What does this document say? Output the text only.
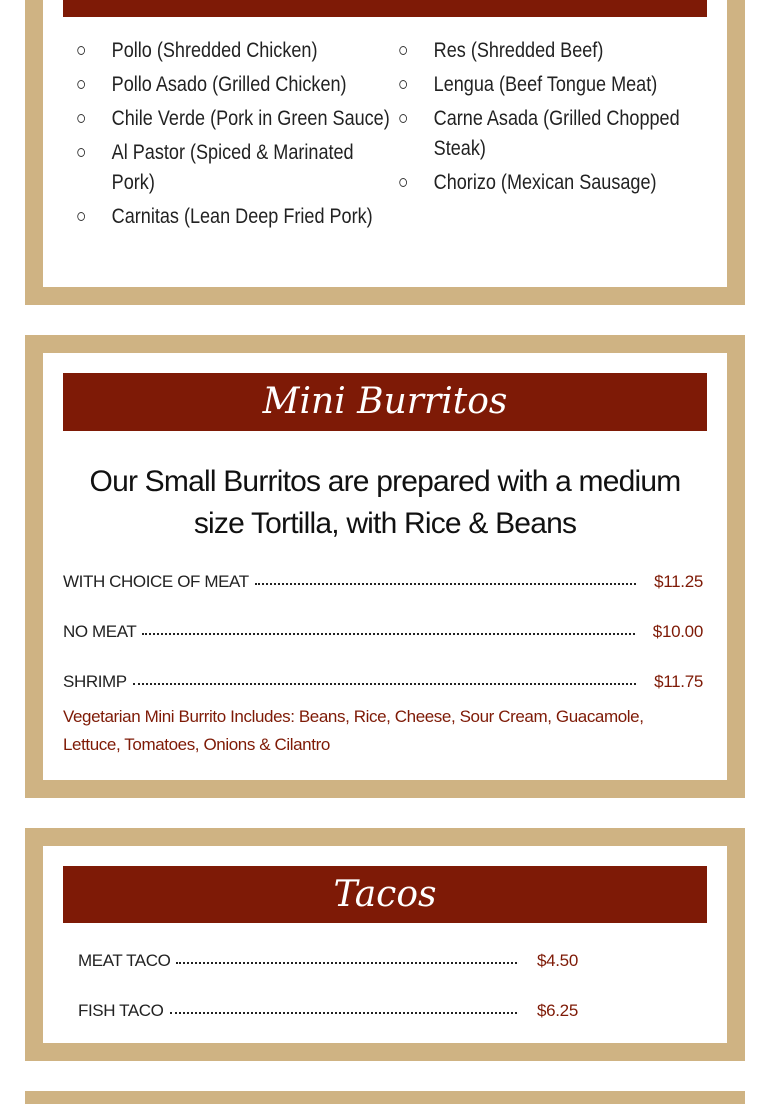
Pollo (Shredded Chicken)
Pollo Asado (Grilled Chicken)
Chile Verde (Pork in Green Sauce)
Al Pastor (Spiced & Marinated Pork)
Carnitas (Lean Deep Fried Pork)
Res (Shredded Beef)
Lengua (Beef Tongue Meat)
Carne Asada (Grilled Chopped Steak)
Chorizo (Mexican Sausage)
Mini Burritos
Our Small Burritos are prepared with a medium size Tortilla, with Rice & Beans
WITH CHOICE OF MEAT	$11.25
NO MEAT	$10.00
SHRIMP	$11.75
Vegetarian Mini Burrito Includes: Beans, Rice, Cheese, Sour Cream, Guacamole, Lettuce, Tomatoes, Onions & Cilantro
Tacos
MEAT TACO	$4.50
FISH TACO	$6.25
